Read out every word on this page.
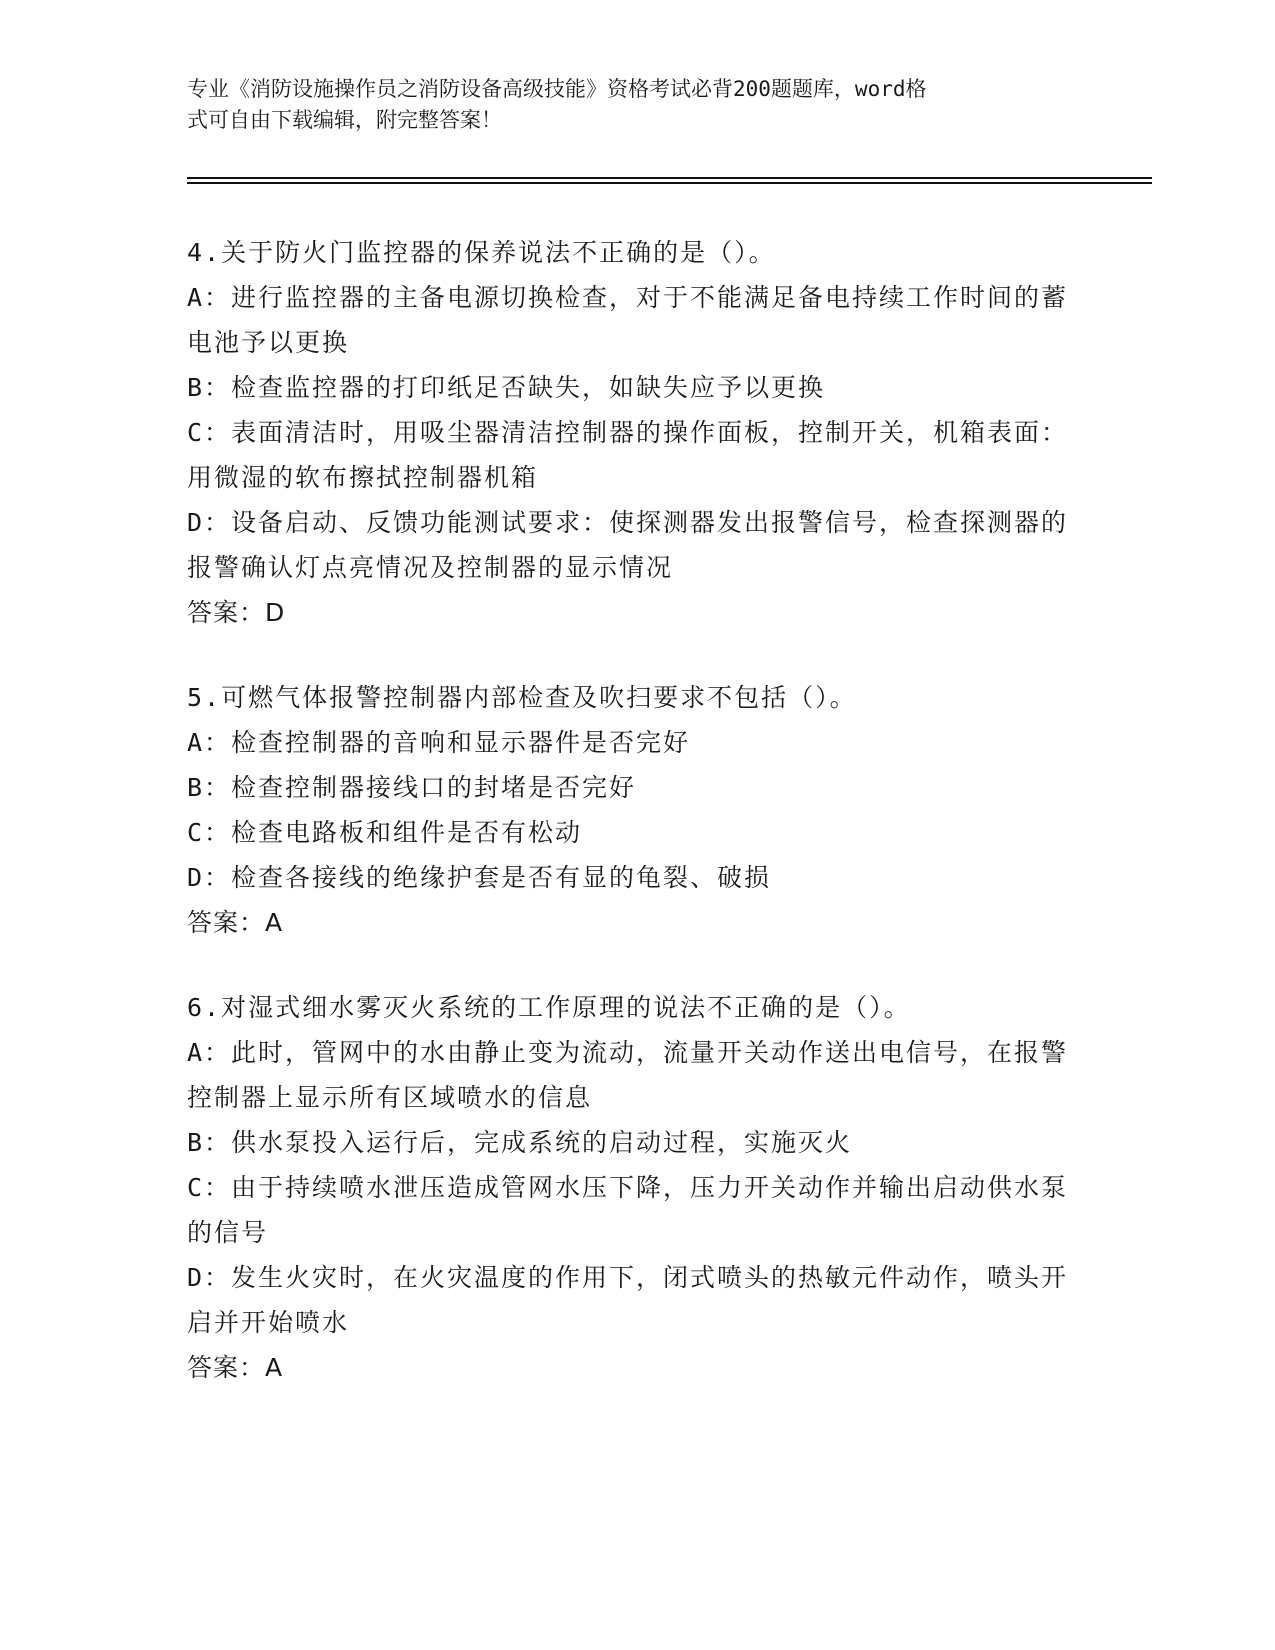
专业《消防设施操作员之消防设备高级技能》资格考试必背200题题库，word格
式可自由下载编辑，附完整答案！

4.关于防火门监控器的保养说法不正确的是（）。

A：进行监控器的主备电源切换检查，对于不能满足备电持续工作时间的蓄电池予以更换

B：检查监控器的打印纸足否缺失，如缺失应予以更换

C：表面清洁时，用吸尘器清洁控制器的操作面板，控制开关，机箱表面：用微湿的软布擦拭控制器机箱

D：设备启动、反馈功能测试要求：使探测器发出报警信号，检查探测器的报警确认灯点亮情况及控制器的显示情况

答案：D

5.可燃气体报警控制器内部检查及吹扫要求不包括（）。

A：检查控制器的音响和显示器件是否完好

B：检查控制器接线口的封堵是否完好

C：检查电路板和组件是否有松动

D：检查各接线的绝缘护套是否有显的龟裂、破损

答案：A

6.对湿式细水雾灭火系统的工作原理的说法不正确的是（）。

A：此时，管网中的水由静止变为流动，流量开关动作送出电信号，在报警控制器上显示所有区域喷水的信息

B：供水泵投入运行后，完成系统的启动过程，实施灭火

C：由于持续喷水泄压造成管网水压下降，压力开关动作并输出启动供水泵的信号

D：发生火灾时，在火灾温度的作用下，闭式喷头的热敏元件动作，喷头开启并开始喷水

答案：A
